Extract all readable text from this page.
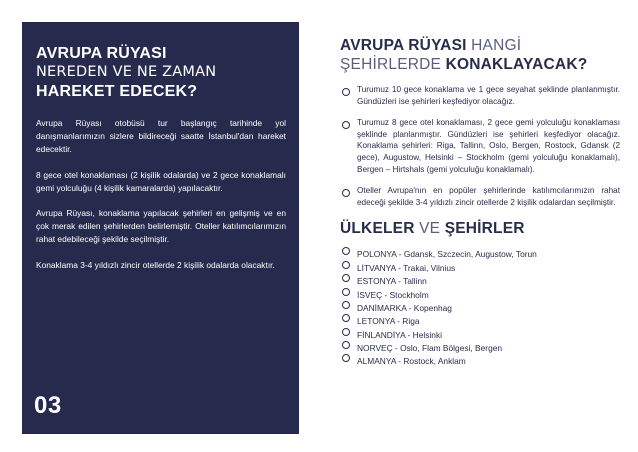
AVRUPA RÜYASI
NEREDEN VE NE ZAMAN
HAREKET EDECEK?

Avrupa Rüyası otobüsü tur başlangıç tarihinde yol danışmanlarımızın sizlere bildireceği saatte İstanbul'dan hareket edecektir.

8 gece otel konaklaması (2 kişilik odalarda) ve 2 gece konaklamalı gemi yolculuğu (4 kişilik kamaralarda) yapılacaktır.

Avrupa Rüyası, konaklama yapılacak şehirleri en gelişmiş ve en çok merak edilen şehirlerden belirlemiştir. Oteller katılımcılarımızın rahat edebileceği şekilde seçilmiştir.

Konaklama 3-4 yıldızlı zincir otellerde 2 kişilik odalarda olacaktır.

03
AVRUPA RÜYASI HANGİ
ŞEHİRLERDE KONAKLAYACAK?

Turumuz 10 gece konaklama ve 1 gece seyahat şeklinde planlanmıştır. Gündüzleri ise şehirleri keşfediyor olacağız.

Turumuz 8 gece otel konaklaması, 2 gece gemi yolculuğu konaklaması şeklinde planlanmıştır. Gündüzleri ise şehirleri keşfediyor olacağız. Konaklama şehirleri: Riga, Tallinn, Oslo, Bergen, Rostock, Gdansk (2 gece), Augustow, Helsinki – Stockholm (gemi yolculuğu konaklamalı), Bergen – Hirtshals (gemi yolculuğu konaklamalı).

Oteller Avrupa'nın en popüler şehirlerinde katılımcılarımızın rahat edeceği şekilde 3-4 yıldızlı zincir otellerde 2 kişilik odalardan seçilmiştir.

ÜLKELER VE ŞEHİRLER
POLONYA - Gdansk, Szczecin, Augustow, Torun
LİTVANYA - Trakai, Vilnius
ESTONYA - Tallinn
İSVEÇ - Stockholm
DANİMARKA - Kopenhag
LETONYA - Riga
FİNLANDİYA - Helsinki
NORVEÇ - Oslo, Flam Bölgesi, Bergen
ALMANYA - Rostock, Anklam
